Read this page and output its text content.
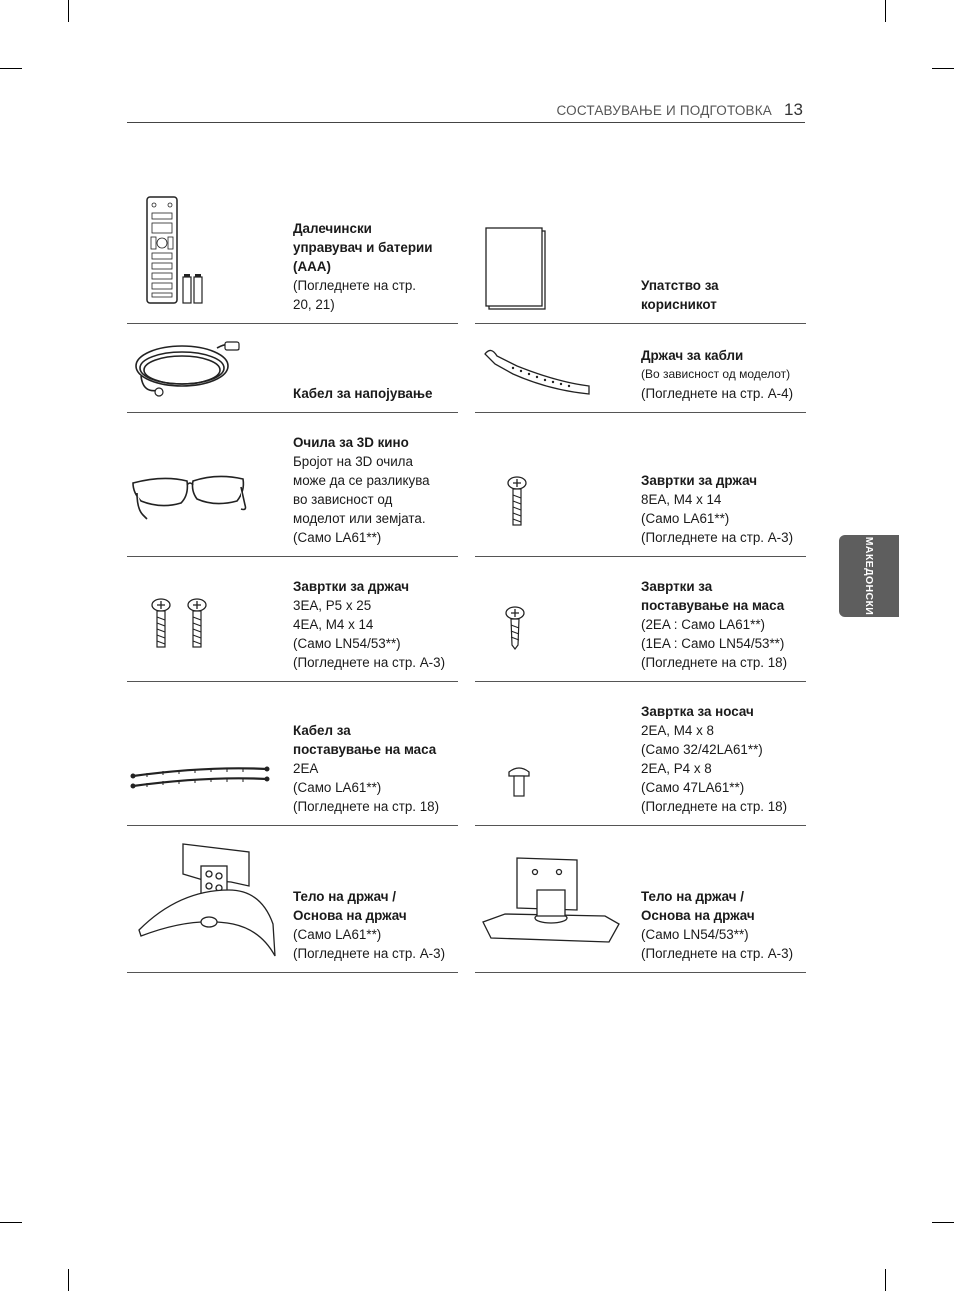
СОСТАВУВАЊЕ И ПОДГОТОВКА 13
МАКЕДОНСКИ
Далечински
управувач и батерии
(AAA)
(Погледнете на стр.
20, 21)
Упатство за
корисникот
Кабел за напојување
Држач за кабли
(Во зависност од моделот)
(Погледнете на стр. A-4)
Очила за 3D кино
Бројот на 3D очила
може да се разликува
во зависност од
моделот или земјата.
(Само LA61**)
Завртки за држач
8EA, M4 x 14
(Само LA61**)
(Погледнете на стр. A-3)
Завртки за држач
3EA, P5 x 25
4EA, M4 x 14
(Само LN54/53**)
(Погледнете на стр. A-3)
Завртки за
поставување на маса
(2EA : Само LA61**)
(1EA : Само LN54/53**)
(Погледнете на стр. 18)
Кабел за
поставување на маса
2EA
(Само LA61**)
(Погледнете на стр. 18)
Завртка за носач
2EA, M4 x 8
(Само 32/42LA61**)
2EA, P4 x 8
(Само 47LA61**)
(Погледнете на стр. 18)
Тело на држач /
Основа на држач
(Само LA61**)
(Погледнете на стр. A-3)
Тело на држач /
Основа на држач
(Само LN54/53**)
(Погледнете на стр. A-3)
